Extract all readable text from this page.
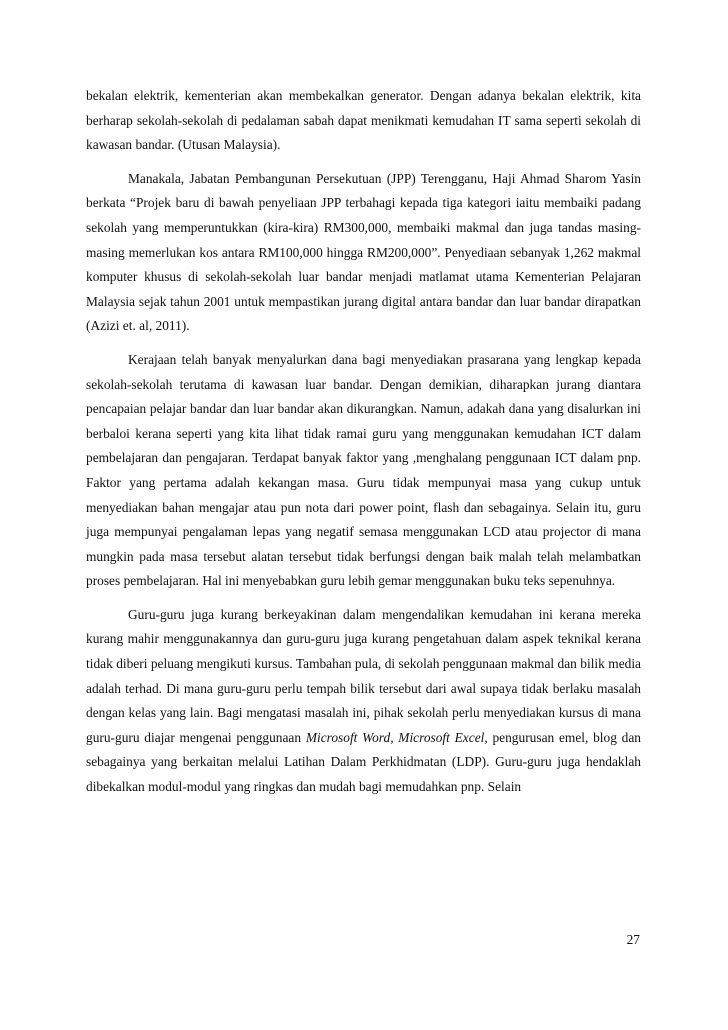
bekalan elektrik, kementerian akan membekalkan generator. Dengan adanya bekalan elektrik, kita berharap sekolah-sekolah di pedalaman sabah dapat menikmati kemudahan IT sama seperti sekolah di kawasan bandar. (Utusan Malaysia).

Manakala, Jabatan Pembangunan Persekutuan (JPP) Terengganu, Haji Ahmad Sharom Yasin berkata “Projek baru di bawah penyeliaan JPP terbahagi kepada tiga kategori iaitu membaiki padang sekolah yang memperuntukkan (kira-kira) RM300,000, membaiki makmal dan juga tandas masing-masing memerlukan kos antara RM100,000 hingga RM200,000”. Penyediaan sebanyak 1,262 makmal komputer khusus di sekolah-sekolah luar bandar menjadi matlamat utama Kementerian Pelajaran Malaysia sejak tahun 2001 untuk mempastikan jurang digital antara bandar dan luar bandar dirapatkan (Azizi et. al, 2011).

Kerajaan telah banyak menyalurkan dana bagi menyediakan prasarana yang lengkap kepada sekolah-sekolah terutama di kawasan luar bandar. Dengan demikian, diharapkan jurang diantara pencapaian pelajar bandar dan luar bandar akan dikurangkan. Namun, adakah dana yang disalurkan ini berbaloi kerana seperti yang kita lihat tidak ramai guru yang menggunakan kemudahan ICT dalam pembelajaran dan pengajaran. Terdapat banyak faktor yang ,menghalang penggunaan ICT dalam pnp. Faktor yang pertama adalah kekangan masa. Guru tidak mempunyai masa yang cukup untuk menyediakan bahan mengajar atau pun nota dari power point, flash dan sebagainya. Selain itu, guru juga mempunyai pengalaman lepas yang negatif semasa menggunakan LCD atau projector di mana mungkin pada masa tersebut alatan tersebut tidak berfungsi dengan baik malah telah melambatkan proses pembelajaran. Hal ini menyebabkan guru lebih gemar menggunakan buku teks sepenuhnya.

Guru-guru juga kurang berkeyakinan dalam mengendalikan kemudahan ini kerana mereka kurang mahir menggunakannya dan guru-guru juga kurang pengetahuan dalam aspek teknikal kerana tidak diberi peluang mengikuti kursus. Tambahan pula, di sekolah penggunaan makmal dan bilik media adalah terhad. Di mana guru-guru perlu tempah bilik tersebut dari awal supaya tidak berlaku masalah dengan kelas yang lain. Bagi mengatasi masalah ini, pihak sekolah perlu menyediakan kursus di mana guru-guru diajar mengenai penggunaan Microsoft Word, Microsoft Excel, pengurusan emel, blog dan sebagainya yang berkaitan melalui Latihan Dalam Perkhidmatan (LDP). Guru-guru juga hendaklah dibekalkan modul-modul yang ringkas dan mudah bagi memudahkan pnp. Selain

27
